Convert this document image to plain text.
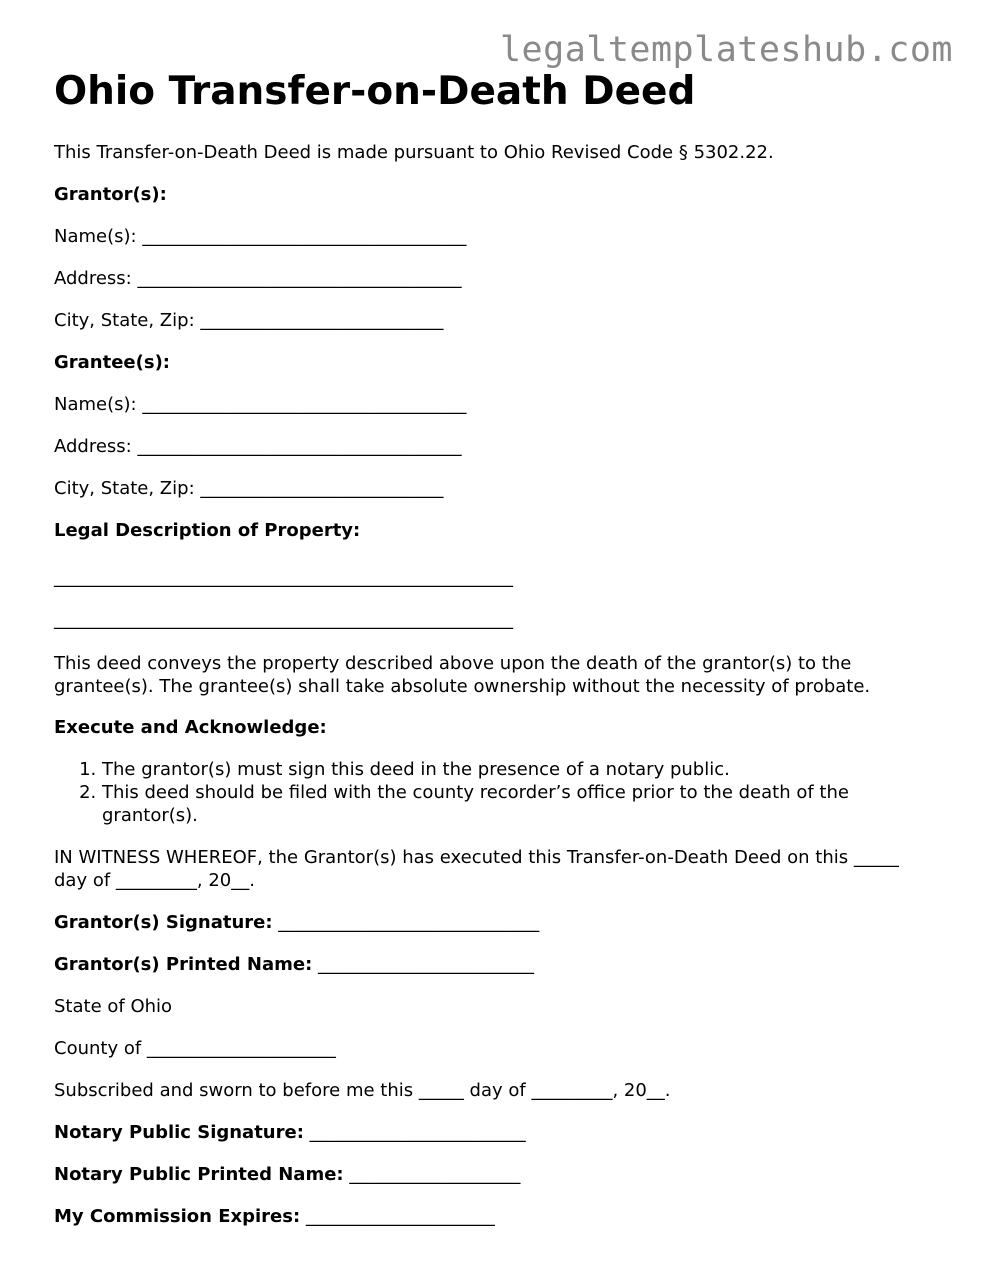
legaltemplateshub.com
Ohio Transfer-on-Death Deed

This Transfer-on-Death Deed is made pursuant to Ohio Revised Code § 5302.22.

Grantor(s):

Name(s): ____________________________________

Address: ____________________________________

City, State, Zip: ___________________________

Grantee(s):

Name(s): ____________________________________

Address: ____________________________________

City, State, Zip: ___________________________

Legal Description of Property:

___________________________________________________

___________________________________________________

This deed conveys the property described above upon the death of the grantor(s) to the grantee(s). The grantee(s) shall take absolute ownership without the necessity of probate.

Execute and Acknowledge:

1. The grantor(s) must sign this deed in the presence of a notary public.
2. This deed should be filed with the county recorder’s office prior to the death of the grantor(s).

IN WITNESS WHEREOF, the Grantor(s) has executed this Transfer-on-Death Deed on this _____ day of _________, 20__.

Grantor(s) Signature: _____________________________

Grantor(s) Printed Name: ________________________

State of Ohio

County of _____________________

Subscribed and sworn to before me this _____ day of _________, 20__.

Notary Public Signature: ________________________

Notary Public Printed Name: ___________________

My Commission Expires: _____________________
